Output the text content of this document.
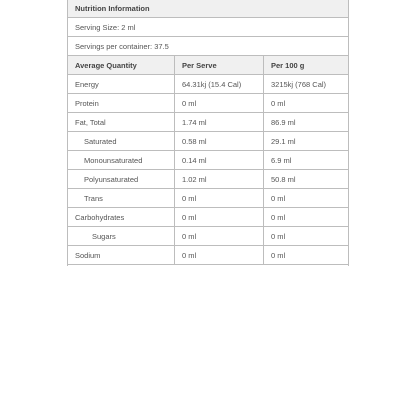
Nutrition Information
Serving Size: 2 ml
Servings per container: 37.5
Average Quantity	Per Serve	Per 100 g
Energy	64.31kj (15.4 Cal)	3215kj (768 Cal)
Protein	0 ml	0 ml
Fat, Total	1.74 ml	86.9 ml
Saturated	0.58 ml	29.1 ml
Monounsaturated	0.14 ml	6.9 ml
Polyunsaturated	1.02 ml	50.8 ml
Trans	0 ml	0 ml
Carbohydrates	0 ml	0 ml
Sugars	0 ml	0 ml
Sodium	0 ml	0 ml
